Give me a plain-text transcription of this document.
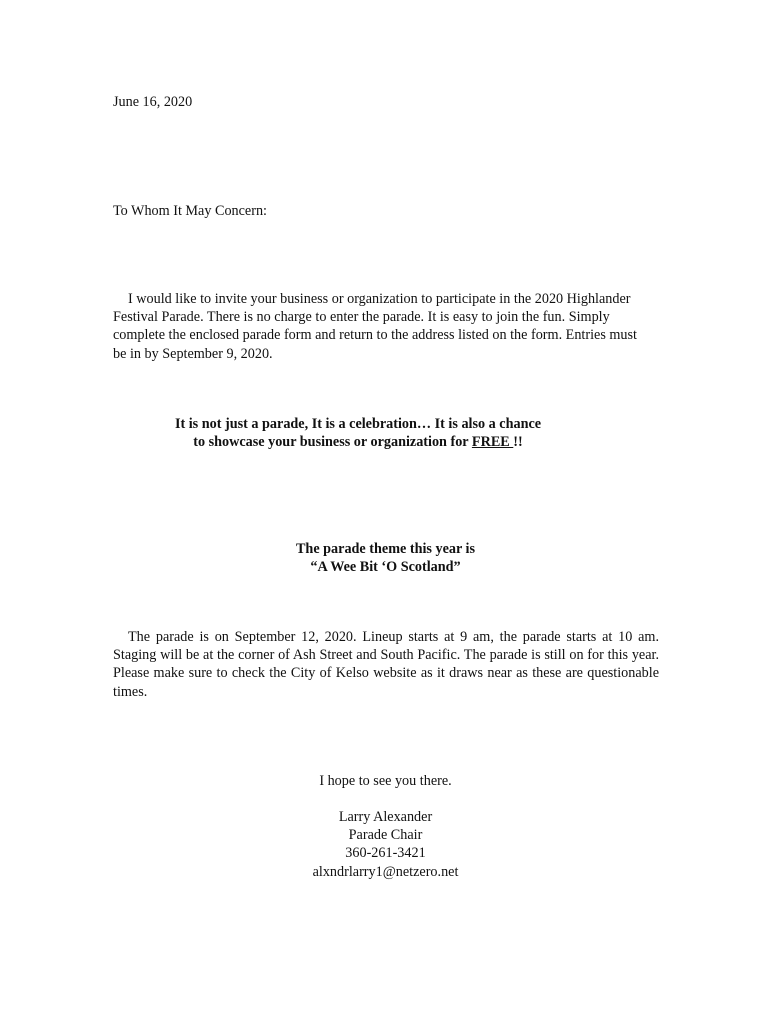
June 16, 2020
To Whom It May Concern:
I would like to invite your business or organization to participate in the 2020 Highlander Festival Parade. There is no charge to enter the parade. It is easy to join the fun. Simply complete the enclosed parade form and return to the address listed on the form. Entries must be in by September 9, 2020.
It is not just a parade, It is a celebration… It is also a chance
to showcase your business or organization for FREE !!
The parade theme this year is
“A Wee Bit ‘O Scotland”
The parade is on September 12, 2020. Lineup starts at 9 am, the parade starts at 10 am. Staging will be at the corner of Ash Street and South Pacific. The parade is still on for this year. Please make sure to check the City of Kelso website as it draws near as these are questionable times.
I hope to see you there.
Larry Alexander
Parade Chair
360-261-3421
alxndrlarry1@netzero.net
